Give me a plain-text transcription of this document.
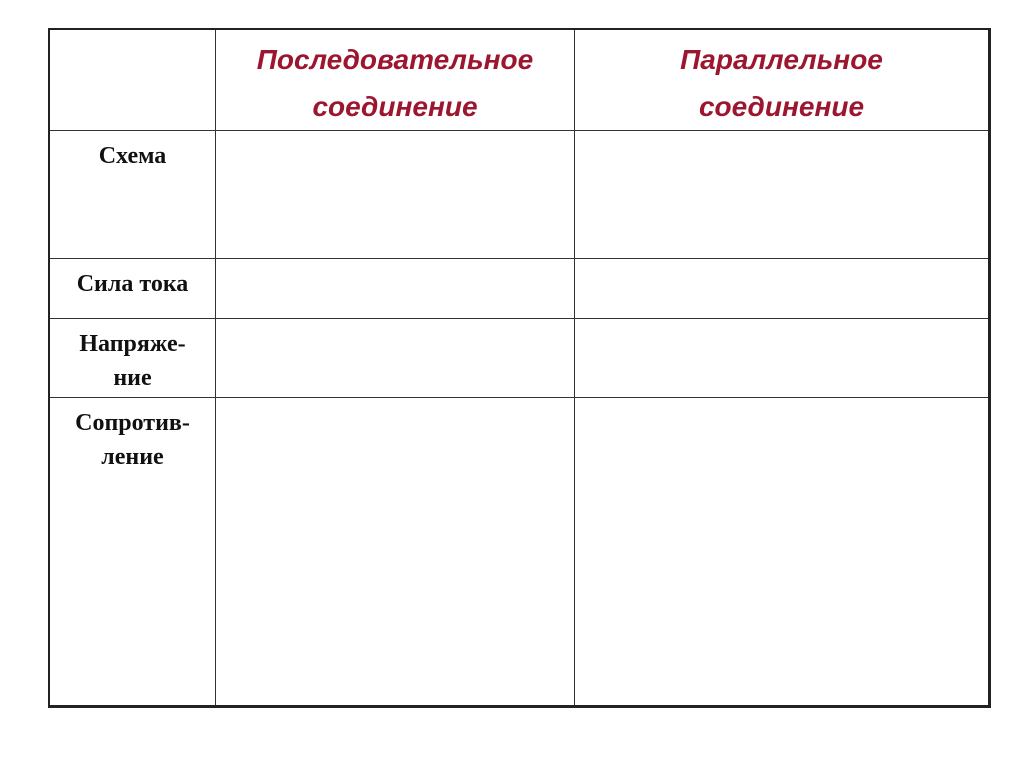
Последовательное
соединение
Параллельное
соединение
Схема
Сила тока
Напряже-
ние
Сопротив-
ление
